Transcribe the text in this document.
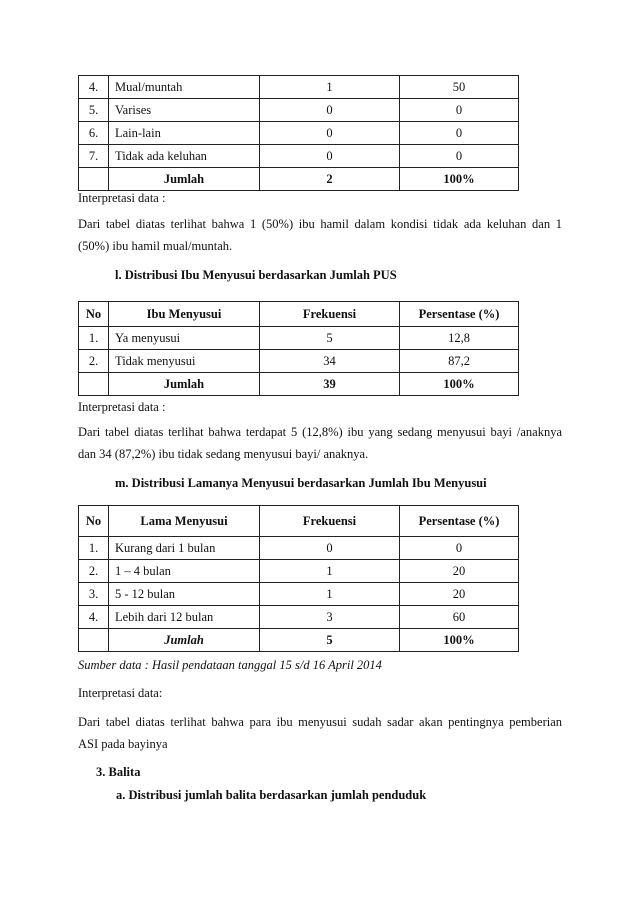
4.	Mual/muntah	1	50
5.	Varises	0	0
6.	Lain-lain	0	0
7.	Tidak ada keluhan	0	0
	Jumlah	2	100%

Interpretasi data :

Dari tabel diatas terlihat bahwa 1 (50%) ibu hamil dalam kondisi tidak ada keluhan dan 1

(50%) ibu hamil mual/muntah.

l. Distribusi Ibu Menyusui berdasarkan Jumlah PUS

No	Ibu Menyusui	Frekuensi	Persentase (%)
1.	Ya menyusui	5	12,8
2.	Tidak menyusui	34	87,2
	Jumlah	39	100%

Interpretasi data :

Dari tabel diatas terlihat bahwa terdapat 5 (12,8%) ibu yang sedang menyusui bayi /anaknya

dan 34 (87,2%) ibu tidak sedang menyusui bayi/ anaknya.

m. Distribusi Lamanya Menyusui berdasarkan Jumlah Ibu Menyusui

No	Lama Menyusui	Frekuensi	Persentase (%)
1.	Kurang dari 1 bulan	0	0
2.	1 – 4 bulan	1	20
3.	5 - 12 bulan	1	20
4.	Lebih dari 12 bulan	3	60
	Jumlah	5	100%

Sumber data : Hasil pendataan tanggal 15 s/d 16 April 2014

Interpretasi data:

Dari tabel diatas terlihat bahwa para ibu menyusui sudah sadar akan pentingnya pemberian

ASI pada bayinya

3. Balita

a. Distribusi jumlah balita berdasarkan jumlah penduduk
